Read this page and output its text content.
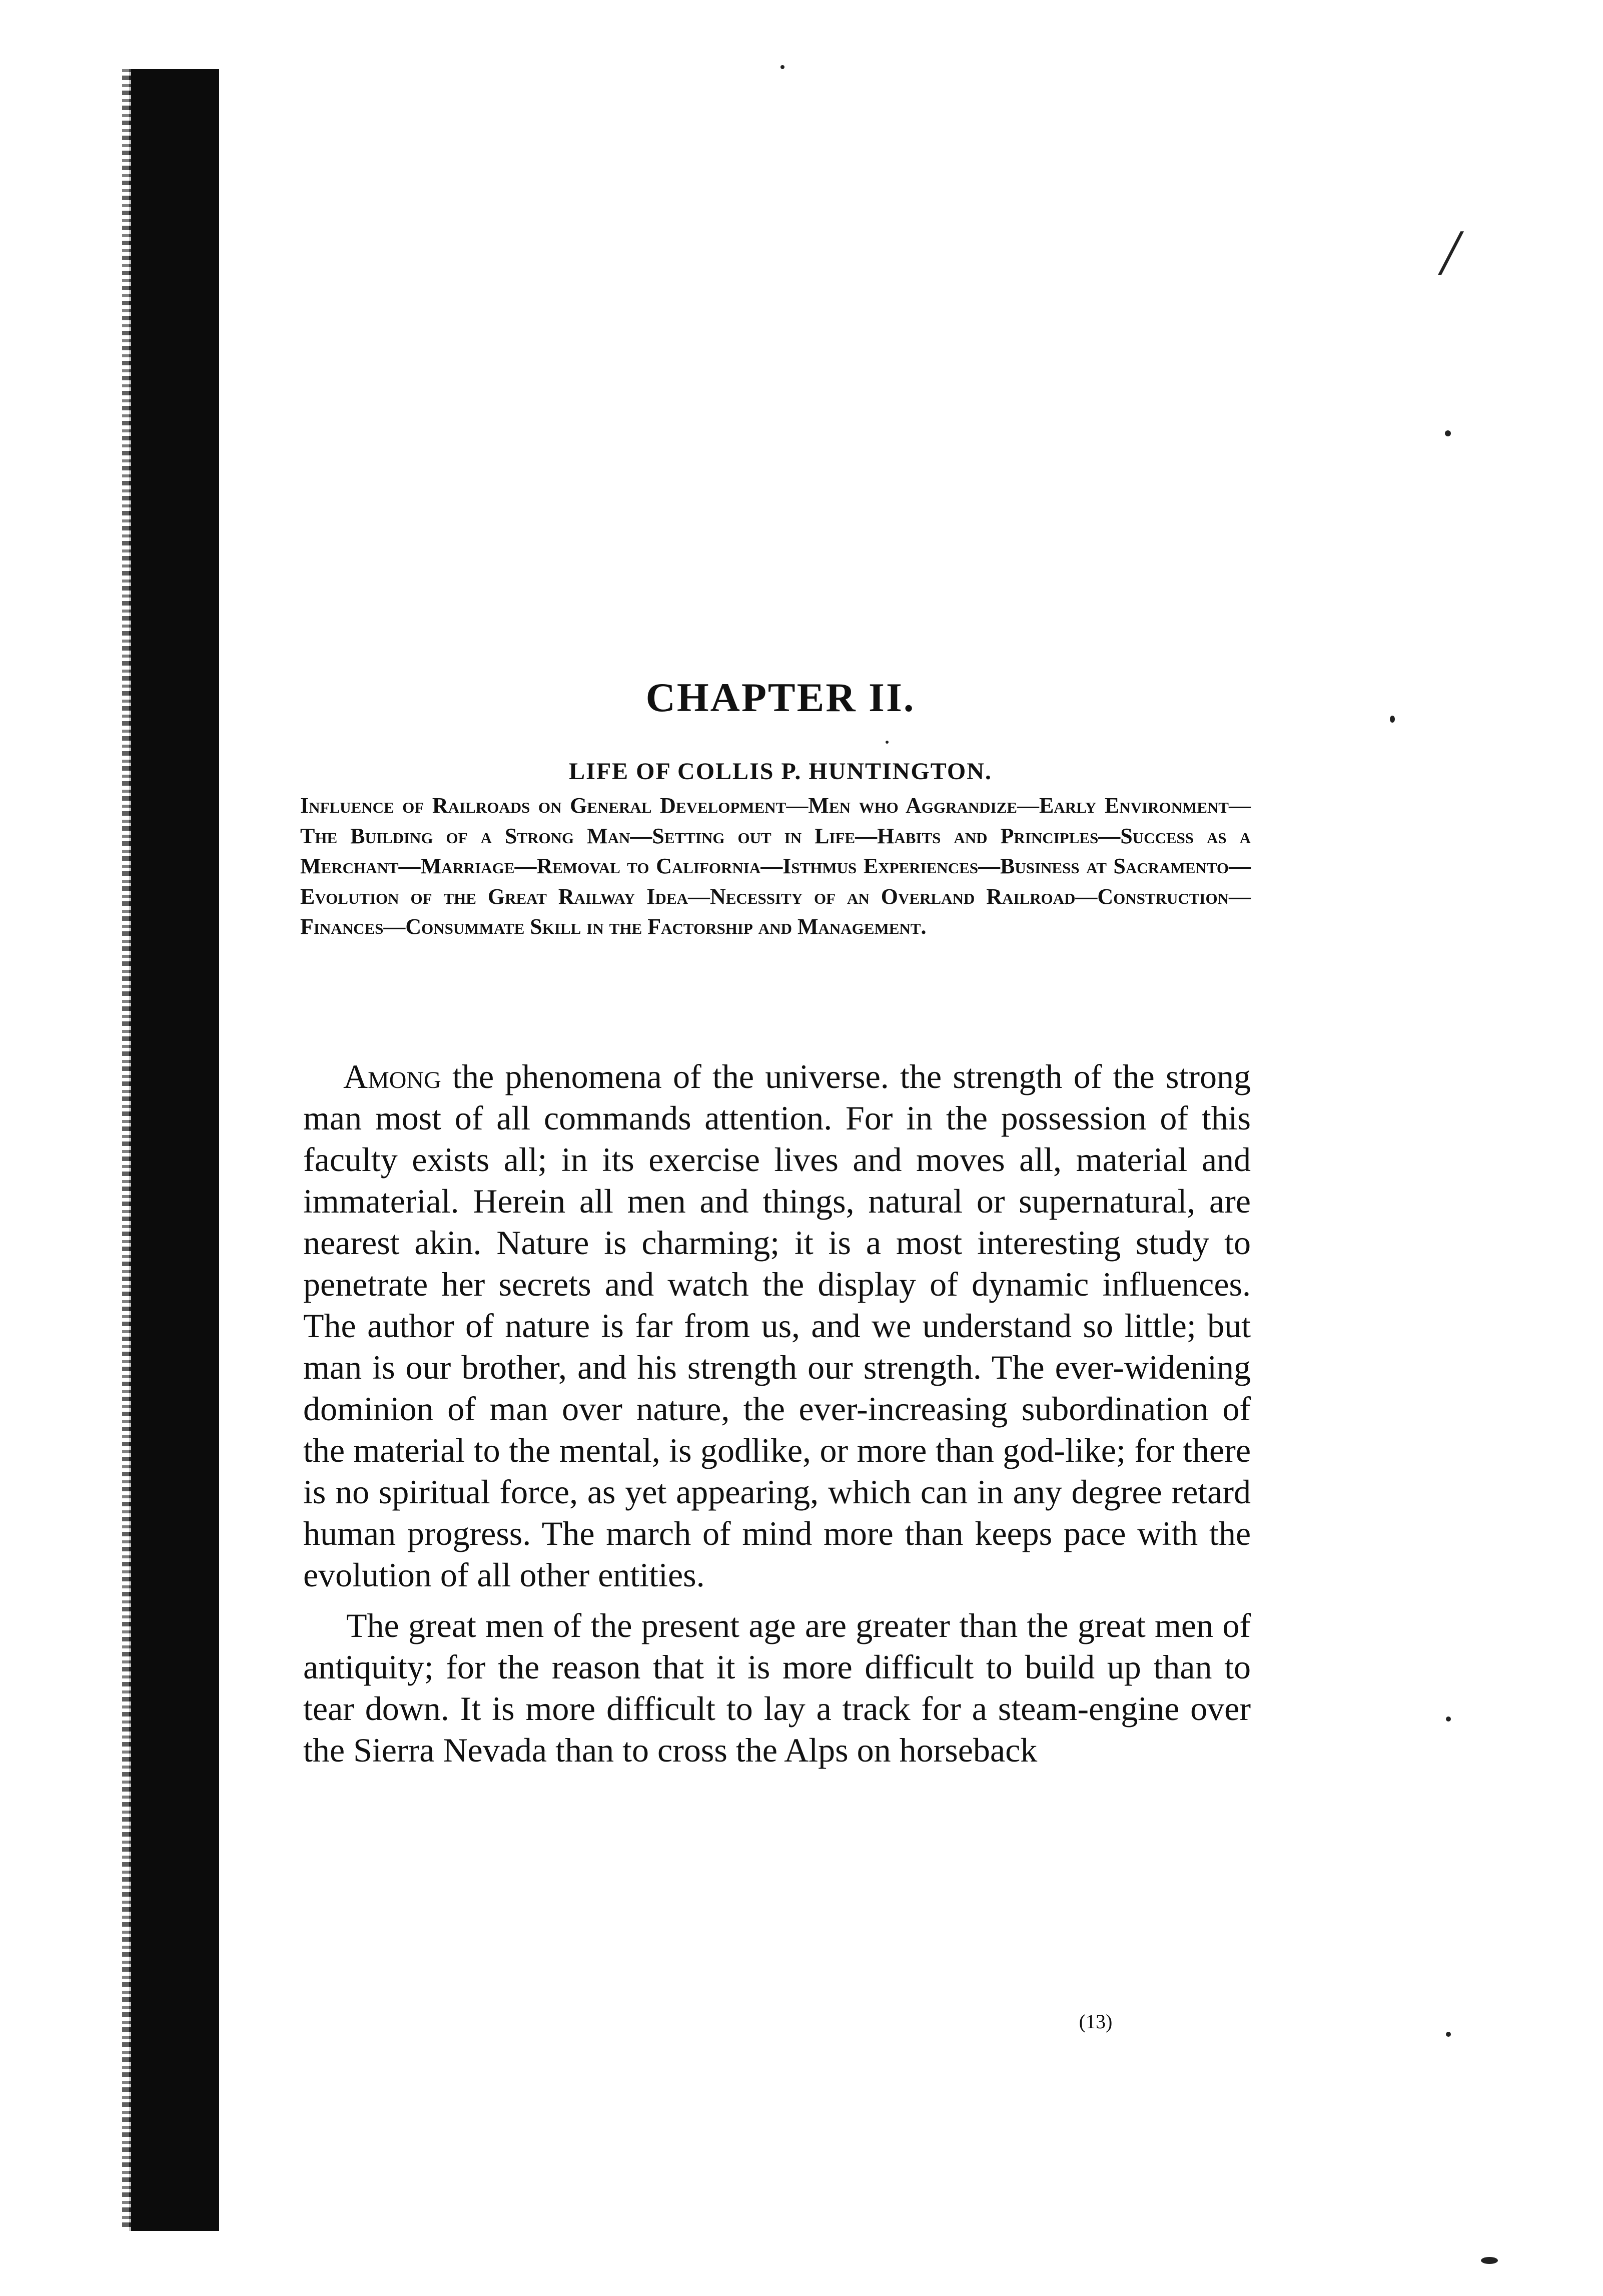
/
CHAPTER II.
LIFE OF COLLIS P. HUNTINGTON.
Influence of Railroads on General Development—Men who Aggrandize—Early Environment—The Building of a Strong Man—Setting out in Life—Habits and Principles—Success as a Merchant—Marriage—Removal to California—Isthmus Experiences—Business at Sacramento—Evolution of the Great Railway Idea—Necessity of an Overland Railroad—Construction—Finances—Consummate Skill in the Factorship and Management.

Among the phenomena of the universe. the strength of the strong man most of all commands attention. For in the possession of this faculty exists all; in its exercise lives and moves all, material and immaterial. Herein all men and things, natural or supernatural, are nearest akin. Nature is charming; it is a most interesting study to penetrate her secrets and watch the display of dynamic influences. The author of nature is far from us, and we understand so little; but man is our brother, and his strength our strength. The ever-widening dominion of man over nature, the ever-increasing subordination of the material to the mental, is godlike, or more than god-like; for there is no spiritual force, as yet appearing, which can in any degree retard human progress. The march of mind more than keeps pace with the evolution of all other entities.

The great men of the present age are greater than the great men of antiquity; for the reason that it is more difficult to build up than to tear down. It is more difficult to lay a track for a steam-engine over the Sierra Nevada than to cross the Alps on horseback

(13)
